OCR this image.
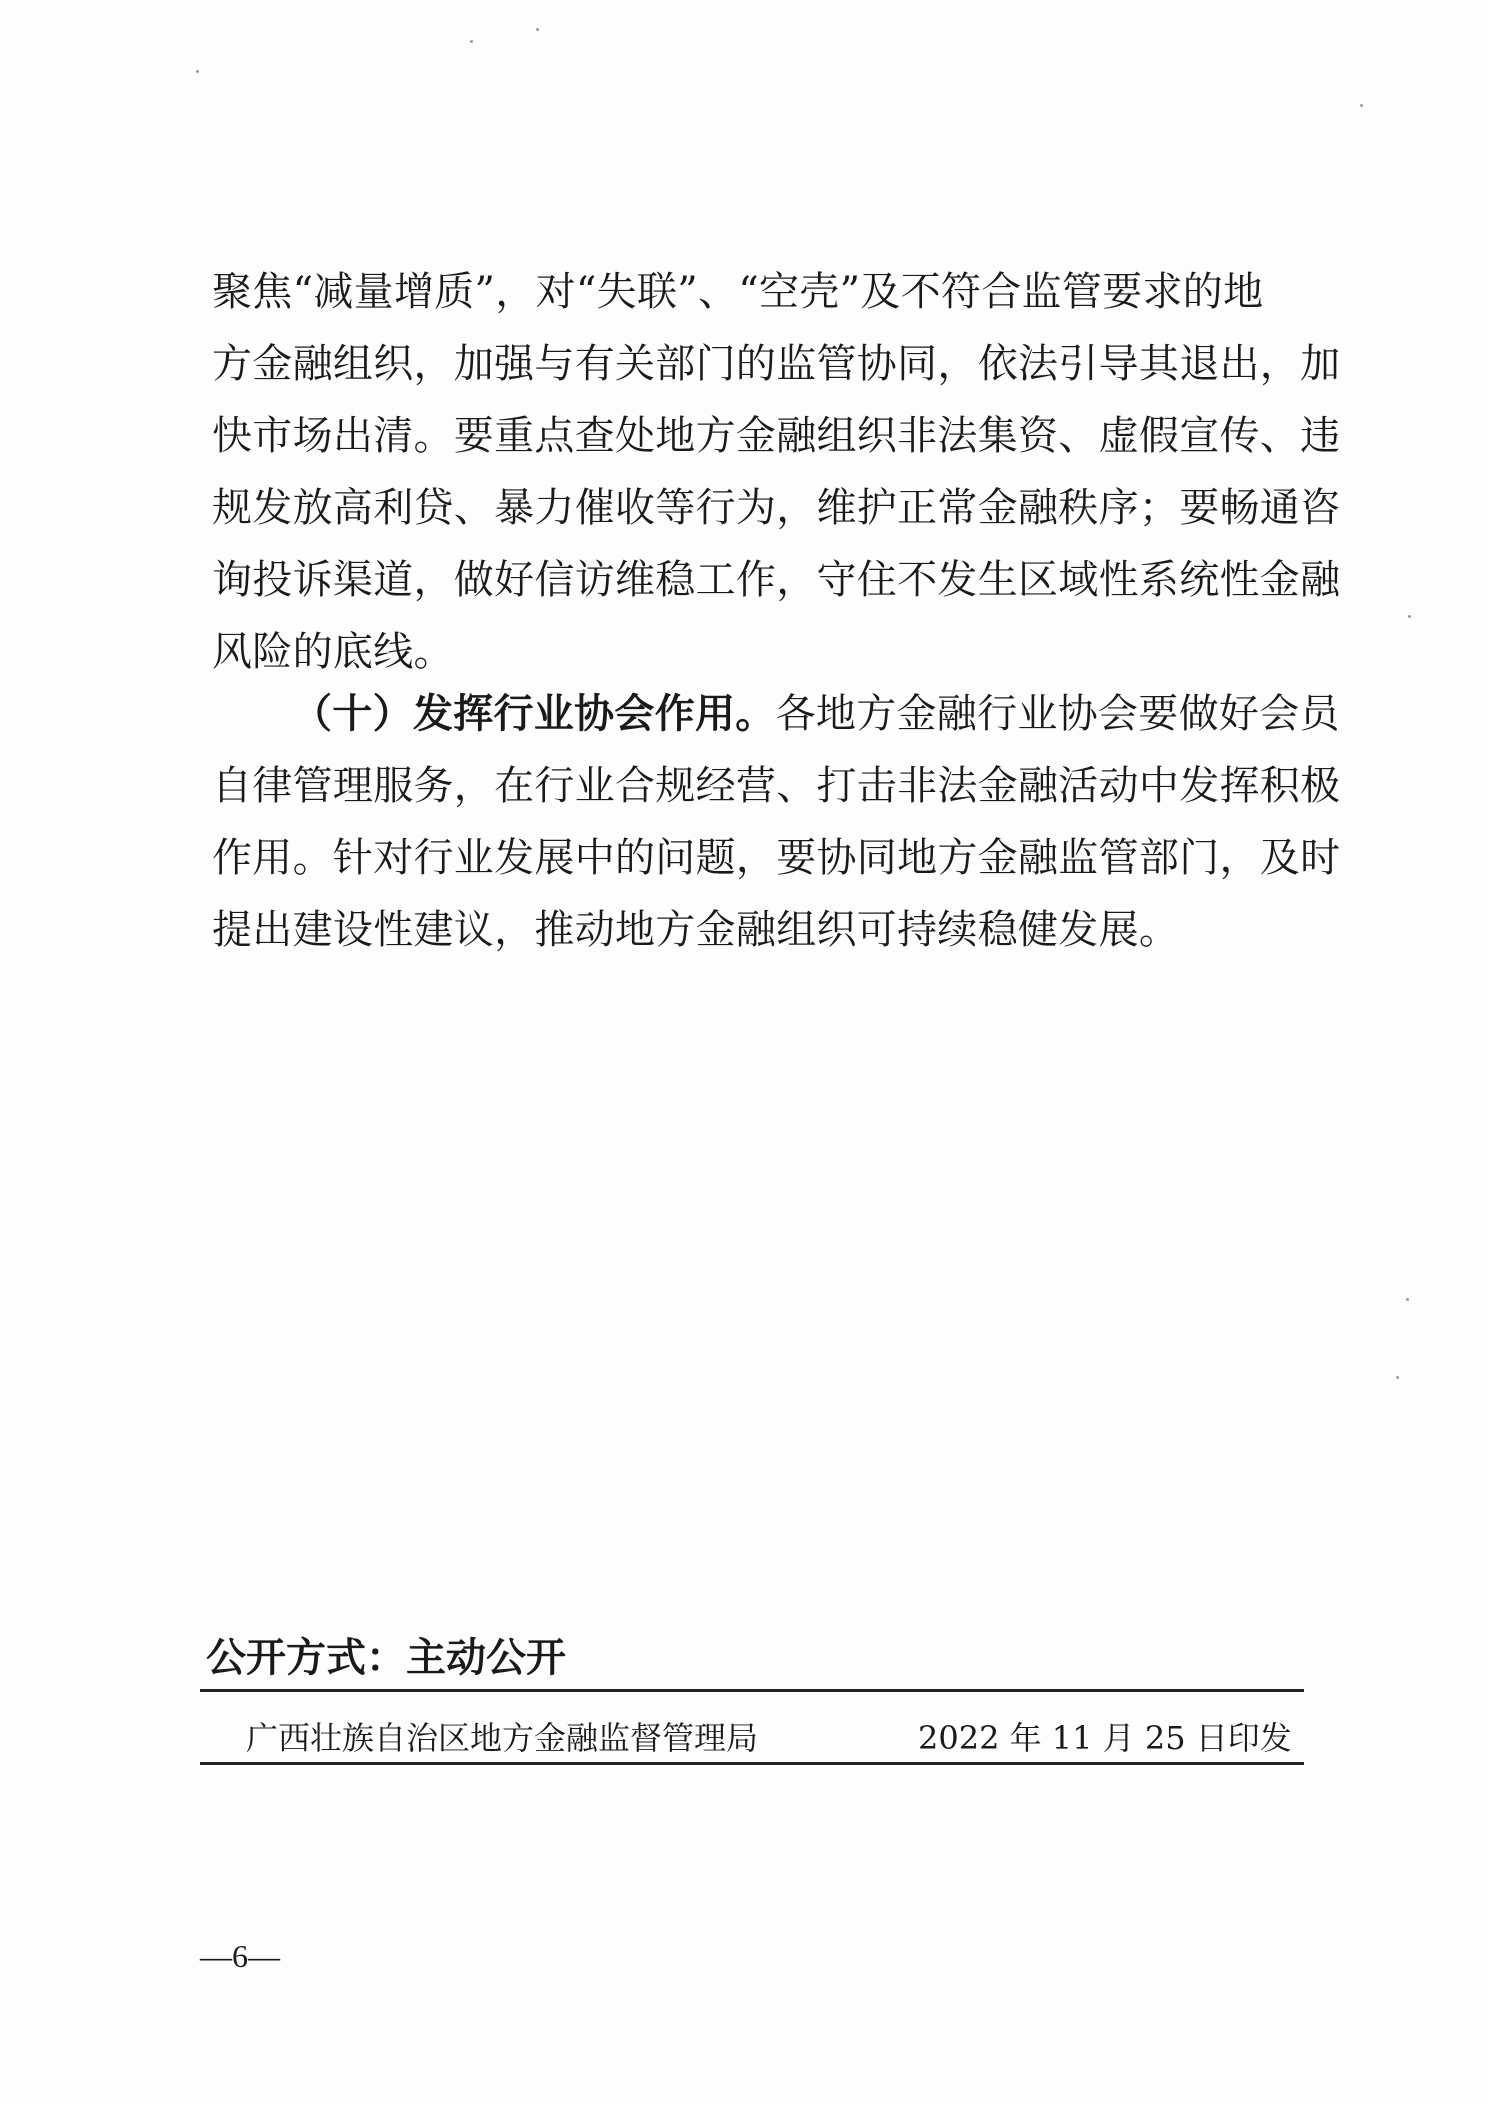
聚焦“减量增质”，对“失联”、“空壳”及不符合监管要求的地
方金融组织，加强与有关部门的监管协同，依法引导其退出，加
快市场出清。要重点查处地方金融组织非法集资、虚假宣传、违
规发放高利贷、暴力催收等行为，维护正常金融秩序；要畅通咨
询投诉渠道，做好信访维稳工作，守住不发生区域性系统性金融
风险的底线。
（十）发挥行业协会作用。各地方金融行业协会要做好会员
自律管理服务，在行业合规经营、打击非法金融活动中发挥积极
作用。针对行业发展中的问题，要协同地方金融监管部门，及时
提出建设性建议，推动地方金融组织可持续稳健发展。
公开方式：主动公开
广西壮族自治区地方金融监督管理局	2022 年 11 月 25 日印发
—6—
